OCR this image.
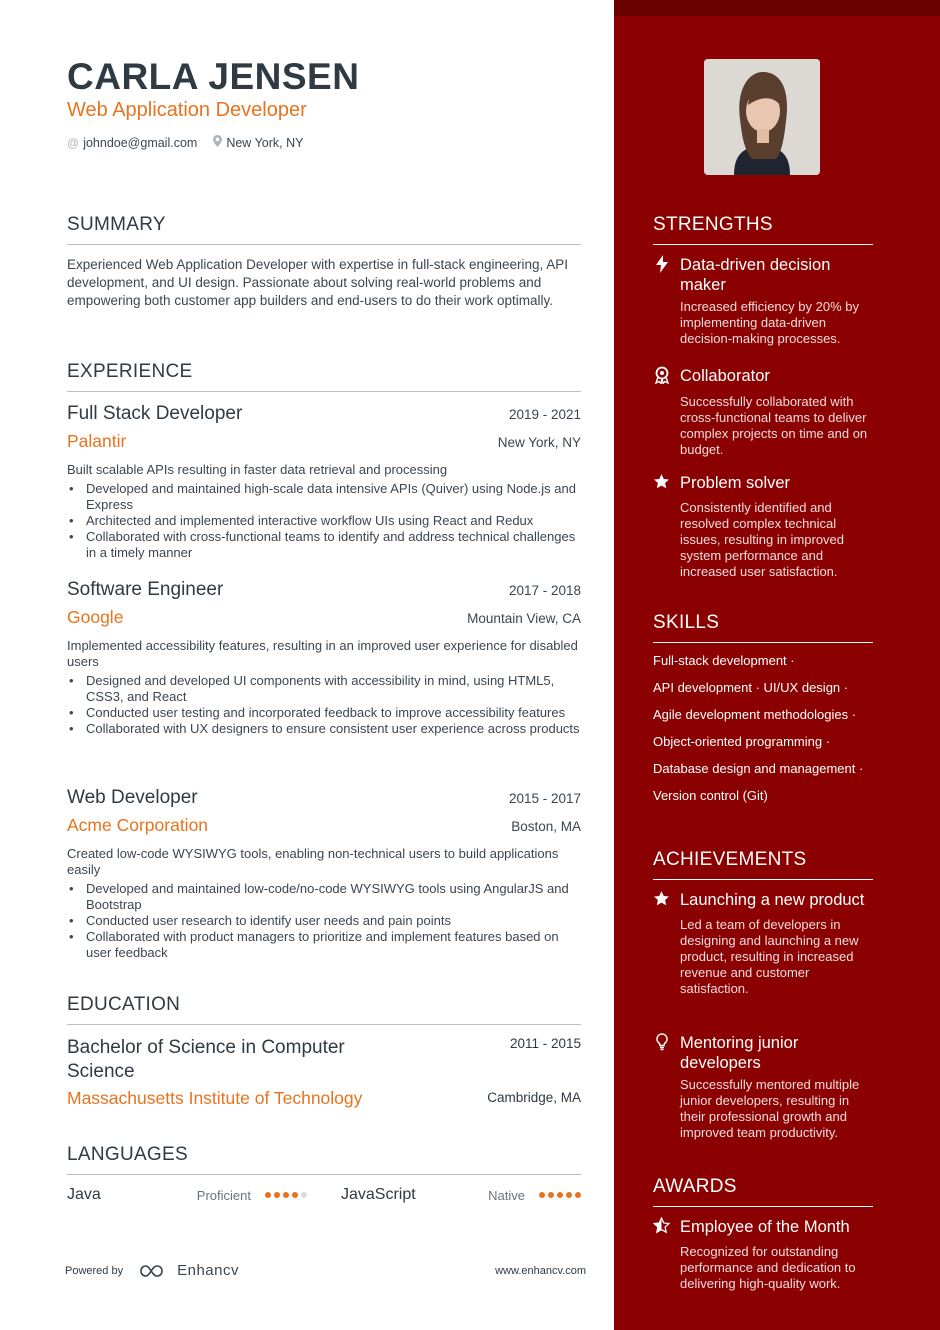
CARLA JENSEN
Web Application Developer
@ johndoe@gmail.com New York, NY
SUMMARY
Experienced Web Application Developer with expertise in full-stack engineering, API development, and UI design. Passionate about solving real-world problems and empowering both customer app builders and end-users to do their work optimally.
EXPERIENCE
Full Stack Developer	2019 - 2021
Palantir	New York, NY
Built scalable APIs resulting in faster data retrieval and processing
• Developed and maintained high-scale data intensive APIs (Quiver) using Node.js and Express
• Architected and implemented interactive workflow UIs using React and Redux
• Collaborated with cross-functional teams to identify and address technical challenges in a timely manner
Software Engineer	2017 - 2018
Google	Mountain View, CA
Implemented accessibility features, resulting in an improved user experience for disabled users
• Designed and developed UI components with accessibility in mind, using HTML5, CSS3, and React
• Conducted user testing and incorporated feedback to improve accessibility features
• Collaborated with UX designers to ensure consistent user experience across products
Web Developer	2015 - 2017
Acme Corporation	Boston, MA
Created low-code WYSIWYG tools, enabling non-technical users to build applications easily
• Developed and maintained low-code/no-code WYSIWYG tools using AngularJS and Bootstrap
• Conducted user research to identify user needs and pain points
• Collaborated with product managers to prioritize and implement features based on user feedback
EDUCATION
Bachelor of Science in Computer Science
2011 - 2015
Massachusetts Institute of Technology	Cambridge, MA
LANGUAGES
Java	Proficient	JavaScript	Native
Powered by	Enhancv	www.enhancv.com
STRENGTHS
Data-driven decision maker
Increased efficiency by 20% by implementing data-driven decision-making processes.
Collaborator
Successfully collaborated with cross-functional teams to deliver complex projects on time and on budget.
Problem solver
Consistently identified and resolved complex technical issues, resulting in improved system performance and increased user satisfaction.
SKILLS
Full-stack development ·
API development · UI/UX design ·
Agile development methodologies ·
Object-oriented programming ·
Database design and management ·
Version control (Git)
ACHIEVEMENTS
Launching a new product
Led a team of developers in designing and launching a new product, resulting in increased revenue and customer satisfaction.
Mentoring junior developers
Successfully mentored multiple junior developers, resulting in their professional growth and improved team productivity.
AWARDS
Employee of the Month
Recognized for outstanding performance and dedication to delivering high-quality work.
